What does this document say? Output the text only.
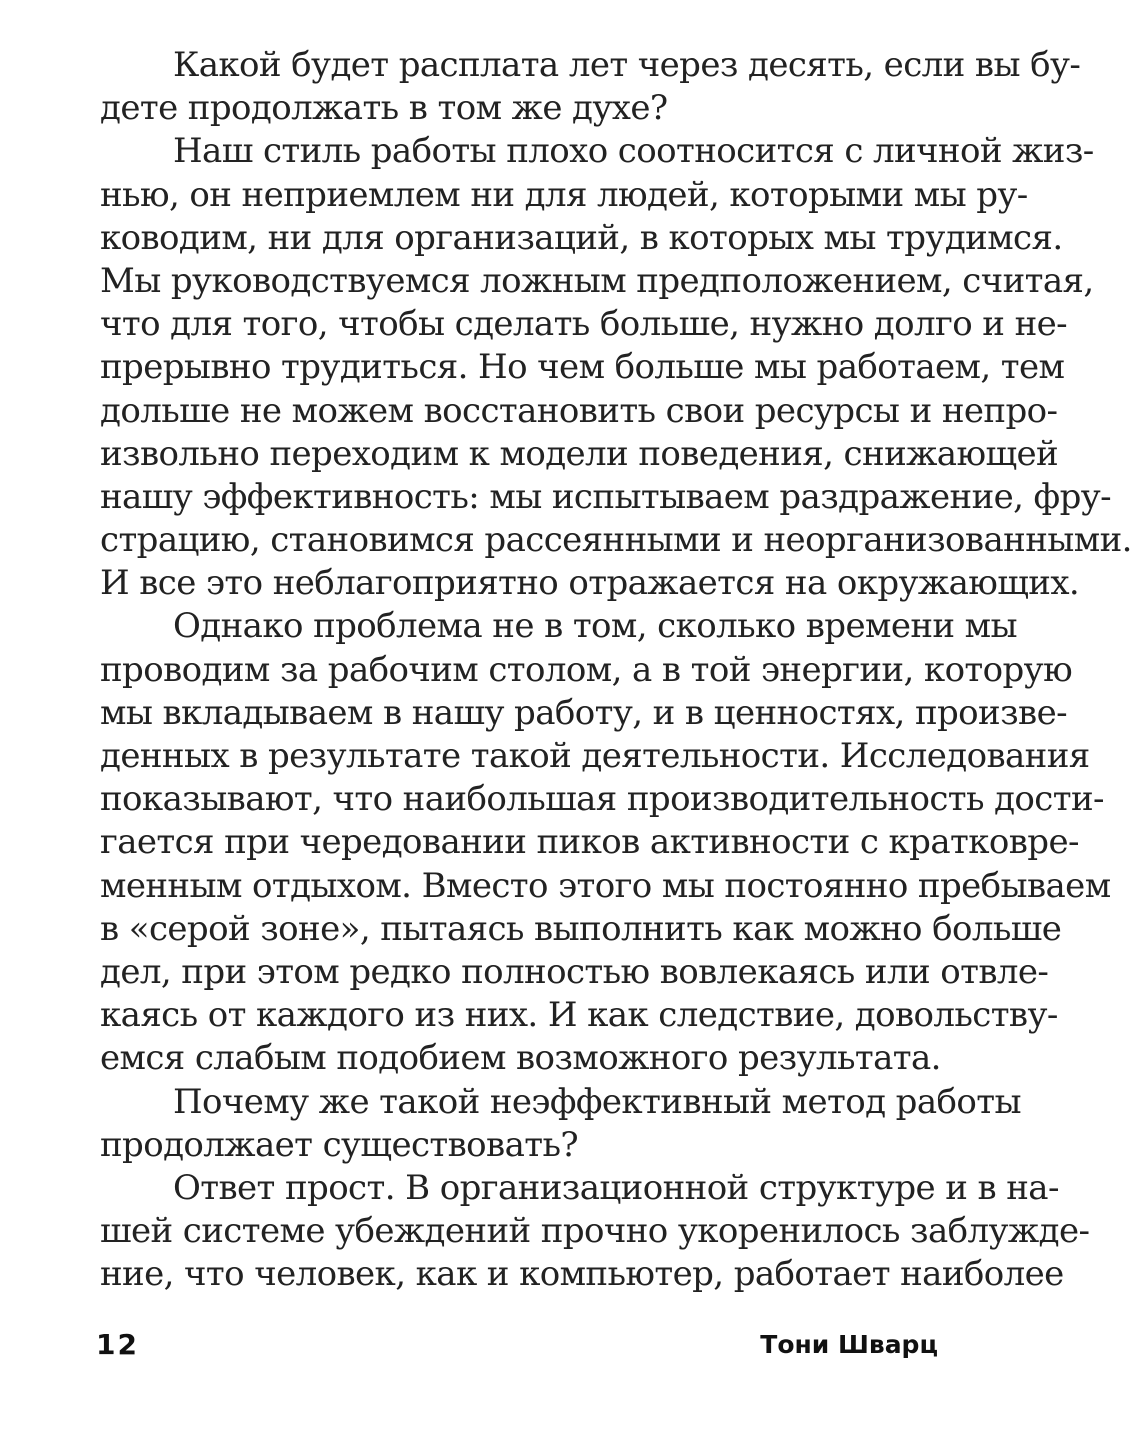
Какой будет расплата лет через десять, если вы бу-
дете продолжать в том же духе?
Наш стиль работы плохо соотносится с личной жиз-
нью, он неприемлем ни для людей, которыми мы ру-
ководим, ни для организаций, в которых мы трудимся.
Мы руководствуемся ложным предположением, считая,
что для того, чтобы сделать больше, нужно долго и не-
прерывно трудиться. Но чем больше мы работаем, тем
дольше не можем восстановить свои ресурсы и непро-
извольно переходим к модели поведения, снижающей
нашу эффективность: мы испытываем раздражение, фру-
страцию, становимся рассеянными и неорганизованными.
И все это неблагоприятно отражается на окружающих.
Однако проблема не в том, сколько времени мы
проводим за рабочим столом, а в той энергии, которую
мы вкладываем в нашу работу, и в ценностях, произве-
денных в результате такой деятельности. Исследования
показывают, что наибольшая производительность дости-
гается при чередовании пиков активности с кратковре-
менным отдыхом. Вместо этого мы постоянно пребываем
в «серой зоне», пытаясь выполнить как можно больше
дел, при этом редко полностью вовлекаясь или отвле-
каясь от каждого из них. И как следствие, довольству-
емся слабым подобием возможного результата.
Почему же такой неэффективный метод работы
продолжает существовать?
Ответ прост. В организационной структуре и в на-
шей системе убеждений прочно укоренилось заблужде-
ние, что человек, как и компьютер, работает наиболее
12	Тони Шварц
